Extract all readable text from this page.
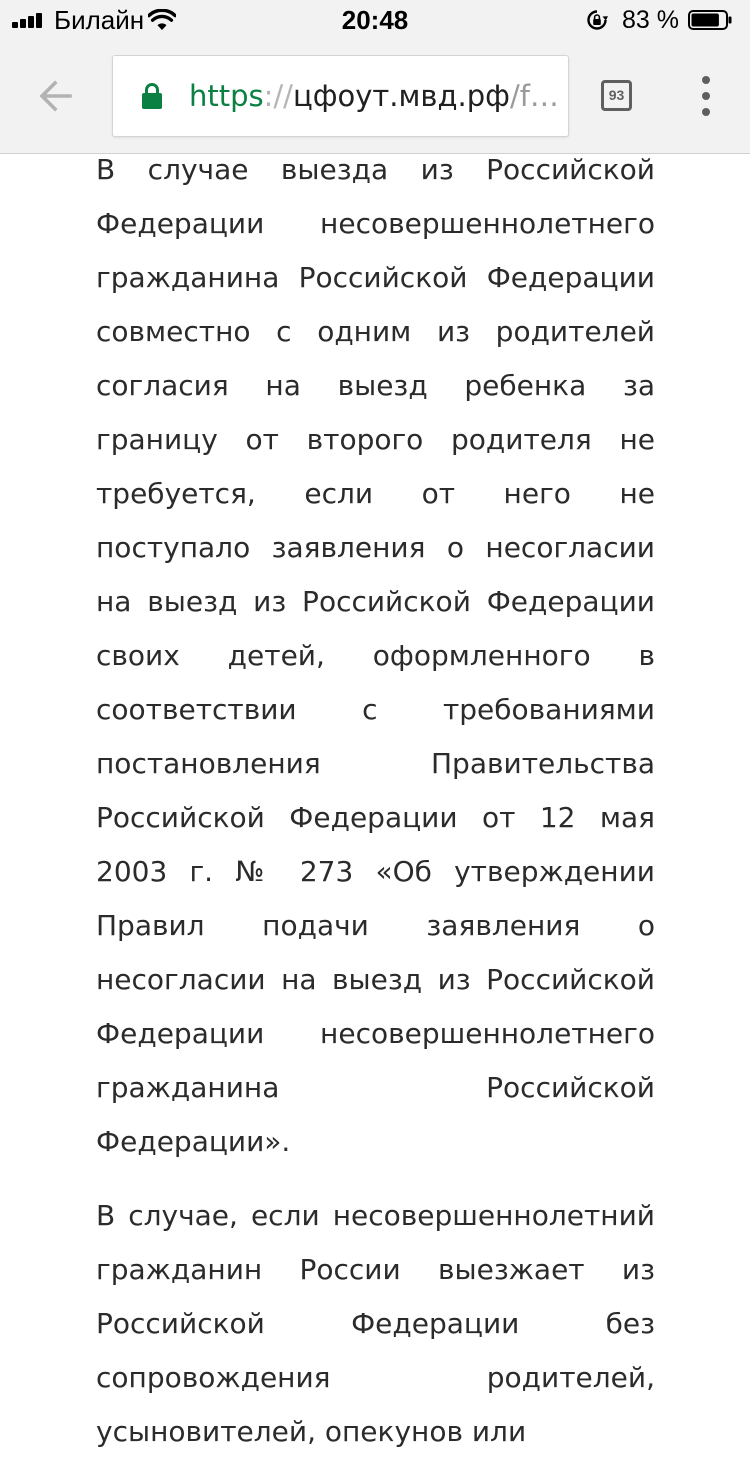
Билайн	20:48	83 %
https://цфоут.мвд.рф/f…	93

В случае выезда из Российской Федерации несовершеннолетнего гражданина Российской Федерации совместно с одним из родителей согласия на выезд ребенка за границу от второго родителя не требуется, если от него не поступало заявления о несогласии на выезд из Российской Федерации своих детей, оформленного в соответствии с требованиями постановления Правительства Российской Федерации от 12 мая 2003 г. № 273 «Об утверждении Правил подачи заявления о несогласии на выезд из Российской Федерации несовершеннолетнего гражданина Российской Федерации».

В случае, если несовершеннолетний гражданин России выезжает из Российской Федерации без сопровождения родителей, усыновителей, опекунов или
